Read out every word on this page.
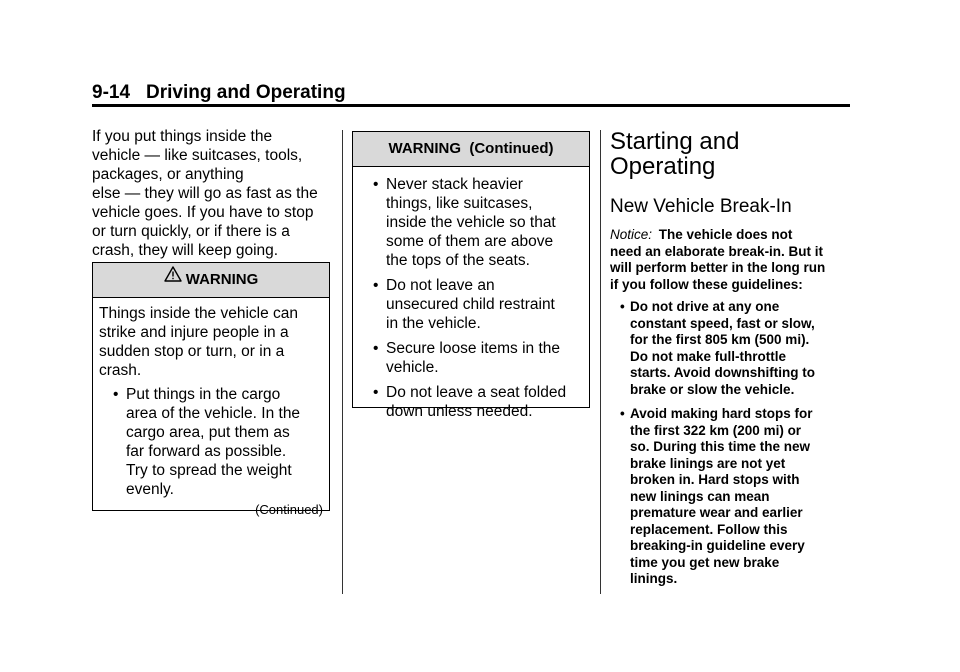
9-14 Driving and Operating
If you put things inside the
vehicle — like suitcases, tools,
packages, or anything
else — they will go as fast as the
vehicle goes. If you have to stop
or turn quickly, or if there is a
crash, they will keep going.
WARNING
Things inside the vehicle can
strike and injure people in a
sudden stop or turn, or in a
crash.
• Put things in the cargo
area of the vehicle. In the
cargo area, put them as
far forward as possible.
Try to spread the weight
evenly.
(Continued)
WARNING  (Continued)
• Never stack heavier
things, like suitcases,
inside the vehicle so that
some of them are above
the tops of the seats.
• Do not leave an
unsecured child restraint
in the vehicle.
• Secure loose items in the
vehicle.
• Do not leave a seat folded
down unless needed.
Starting and
Operating
New Vehicle Break-In
Notice: The vehicle does not
need an elaborate break-in. But it
will perform better in the long run
if you follow these guidelines:
• Do not drive at any one
constant speed, fast or slow,
for the first 805 km (500 mi).
Do not make full-throttle
starts. Avoid downshifting to
brake or slow the vehicle.
• Avoid making hard stops for
the first 322 km (200 mi) or
so. During this time the new
brake linings are not yet
broken in. Hard stops with
new linings can mean
premature wear and earlier
replacement. Follow this
breaking-in guideline every
time you get new brake
linings.
